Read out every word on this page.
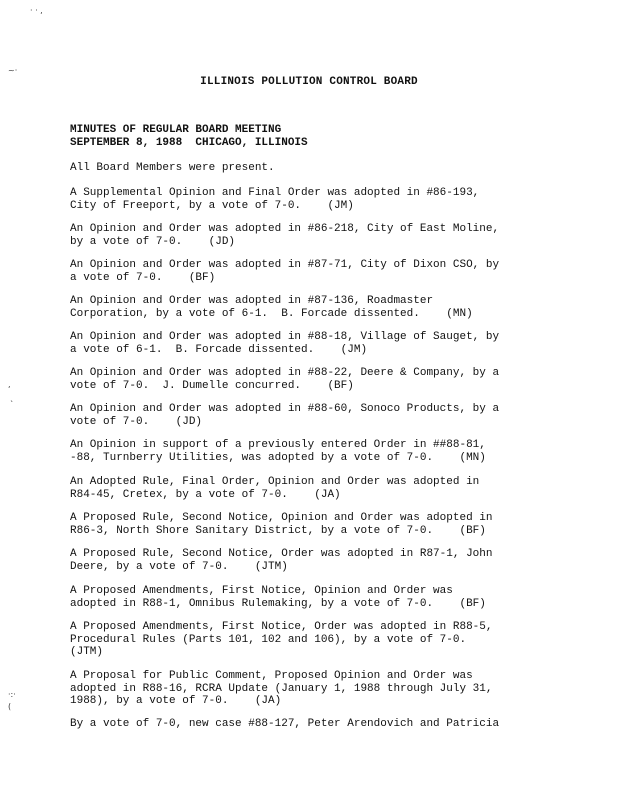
· · ,
~·
,
`
·:·
(
ILLINOIS POLLUTION CONTROL BOARD
MINUTES OF REGULAR BOARD MEETING
SEPTEMBER 8, 1988  CHICAGO, ILLINOIS
All Board Members were present.
A Supplemental Opinion and Final Order was adopted in #86-193,
City of Freeport, by a vote of 7-0.    (JM)
An Opinion and Order was adopted in #86-218, City of East Moline,
by a vote of 7-0.    (JD)
An Opinion and Order was adopted in #87-71, City of Dixon CSO, by
a vote of 7-0.    (BF)
An Opinion and Order was adopted in #87-136, Roadmaster
Corporation, by a vote of 6-1.  B. Forcade dissented.    (MN)
An Opinion and Order was adopted in #88-18, Village of Sauget, by
a vote of 6-1.  B. Forcade dissented.    (JM)
An Opinion and Order was adopted in #88-22, Deere & Company, by a
vote of 7-0.  J. Dumelle concurred.    (BF)
An Opinion and Order was adopted in #88-60, Sonoco Products, by a
vote of 7-0.    (JD)
An Opinion in support of a previously entered Order in ##88-81,
-88, Turnberry Utilities, was adopted by a vote of 7-0.    (MN)
An Adopted Rule, Final Order, Opinion and Order was adopted in
R84-45, Cretex, by a vote of 7-0.    (JA)
A Proposed Rule, Second Notice, Opinion and Order was adopted in
R86-3, North Shore Sanitary District, by a vote of 7-0.    (BF)
A Proposed Rule, Second Notice, Order was adopted in R87-1, John
Deere, by a vote of 7-0.    (JTM)
A Proposed Amendments, First Notice, Opinion and Order was
adopted in R88-1, Omnibus Rulemaking, by a vote of 7-0.    (BF)
A Proposed Amendments, First Notice, Order was adopted in R88-5,
Procedural Rules (Parts 101, 102 and 106), by a vote of 7-0.
(JTM)
A Proposal for Public Comment, Proposed Opinion and Order was
adopted in R88-16, RCRA Update (January 1, 1988 through July 31,
1988), by a vote of 7-0.    (JA)
By a vote of 7-0, new case #88-127, Peter Arendovich and Patricia
